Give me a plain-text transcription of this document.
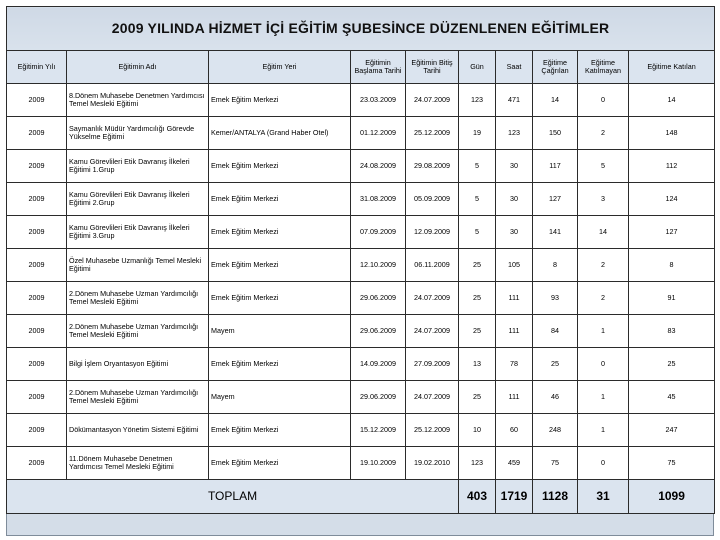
2009 YILINDA HİZMET İÇİ EĞİTİM ŞUBESİNCE DÜZENLENEN EĞİTİMLER									
Eğitimin Yılı	Eğitimin Adı	Eğitim Yeri	Eğitimin Başlama Tarihi	Eğitimin Bitiş Tarihi	Gün	Saat	Eğitime Çağrılan	Eğitime Katılmayan	Eğitime Katılan
2009	8.Dönem Muhasebe Denetmen Yardımcısı Temel Mesleki Eğitimi	Emek Eğitim Merkezi	23.03.2009	24.07.2009	123	471	14	0	14
2009	Saymanlık Müdür Yardımcılığı Görevde Yükselme Eğitimi	Kemer/ANTALYA (Grand Haber Otel)	01.12.2009	25.12.2009	19	123	150	2	148
2009	Kamu Görevlileri Etik Davranış İlkeleri Eğitimi 1.Grup	Emek Eğitim Merkezi	24.08.2009	29.08.2009	5	30	117	5	112
2009	Kamu Görevlileri Etik Davranış İlkeleri Eğitimi 2.Grup	Emek Eğitim Merkezi	31.08.2009	05.09.2009	5	30	127	3	124
2009	Kamu Görevlileri Etik Davranış İlkeleri Eğitimi 3.Grup	Emek Eğitim Merkezi	07.09.2009	12.09.2009	5	30	141	14	127
2009	Özel Muhasebe Uzmanlığı Temel Mesleki Eğitimi	Emek Eğitim Merkezi	12.10.2009	06.11.2009	25	105	8	2	8
2009	2.Dönem Muhasebe Uzman Yardımcılığı Temel Mesleki Eğitimi	Emek Eğitim Merkezi	29.06.2009	24.07.2009	25	111	93	2	91
2009	2.Dönem Muhasebe Uzman Yardımcılığı Temel Mesleki Eğitimi	Mayem	29.06.2009	24.07.2009	25	111	84	1	83
2009	Bilgi İşlem Oryantasyon Eğitimi	Emek Eğitim Merkezi	14.09.2009	27.09.2009	13	78	25	0	25
2009	2.Dönem Muhasebe Uzman Yardımcılığı Temel Mesleki Eğitimi	Mayem	29.06.2009	24.07.2009	25	111	46	1	45
2009	Dökümantasyon Yönetim Sistemi Eğitimi	Emek Eğitim Merkezi	15.12.2009	25.12.2009	10	60	248	1	247
2009	11.Dönem Muhasebe Denetmen Yardımcısı Temel Mesleki Eğitimi	Emek Eğitim Merkezi	19.10.2009	19.02.2010	123	459	75	0	75
TOPLAM					403	1719	1128	31	1099
